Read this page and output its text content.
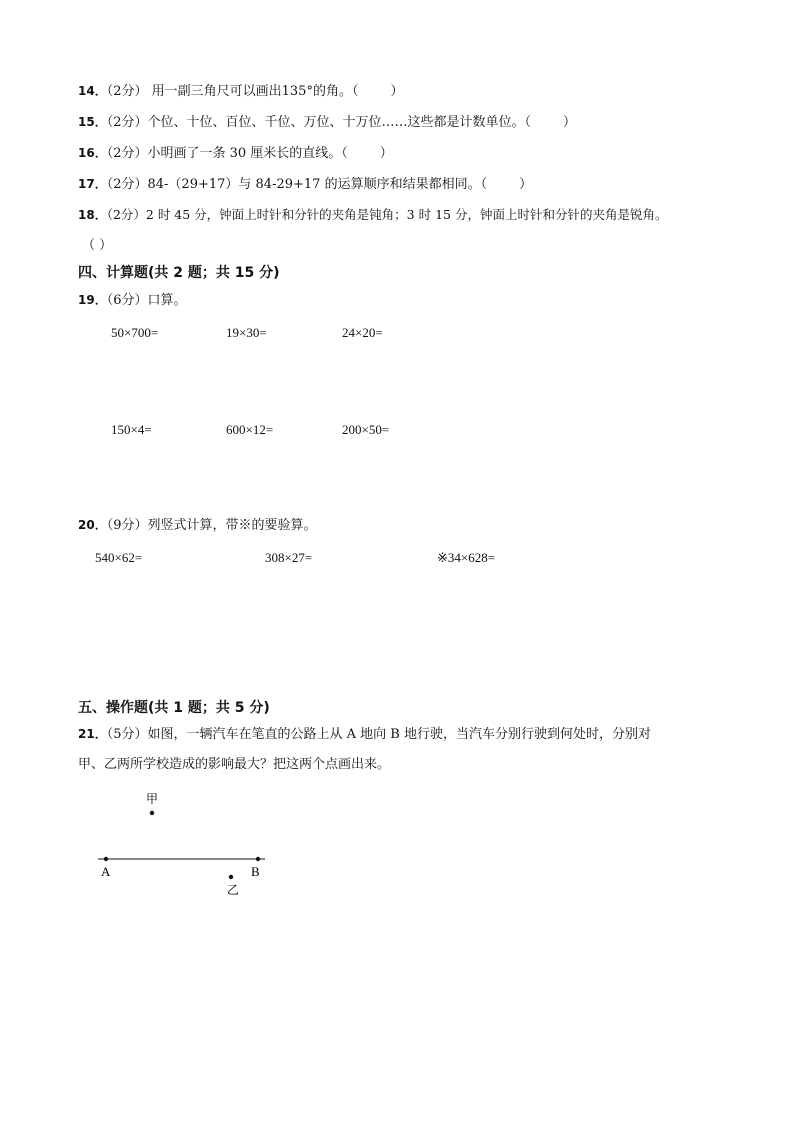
14．（2分） 用一副三角尺可以画出135°的角。（ ）
15．（2分）个位、十位、百位、千位、万位、十万位……这些都是计数单位。（ ）
16．（2分）小明画了一条 30 厘米长的直线。（ ）
17．（2分）84-（29+17）与 84-29+17 的运算顺序和结果都相同。（ ）
18．（2分）2 时 45 分，钟面上时针和分针的夹角是钝角；3 时 15 分，钟面上时针和分针的夹角是锐角。
（ ）
四、计算题(共 2 题；共 15 分)
19．（6分）口算。
50×700=	19×30=	24×20=
150×4=	600×12=	200×50=
20．（9分）列竖式计算，带※的要验算。
540×62=	308×27=	※34×628=
五、操作题(共 1 题；共 5 分)
21．（5分）如图，一辆汽车在笔直的公路上从 A 地向 B 地行驶，当汽车分别行驶到何处时，分别对
甲、乙两所学校造成的影响最大？把这两个点画出来。
A	B
甲
乙
